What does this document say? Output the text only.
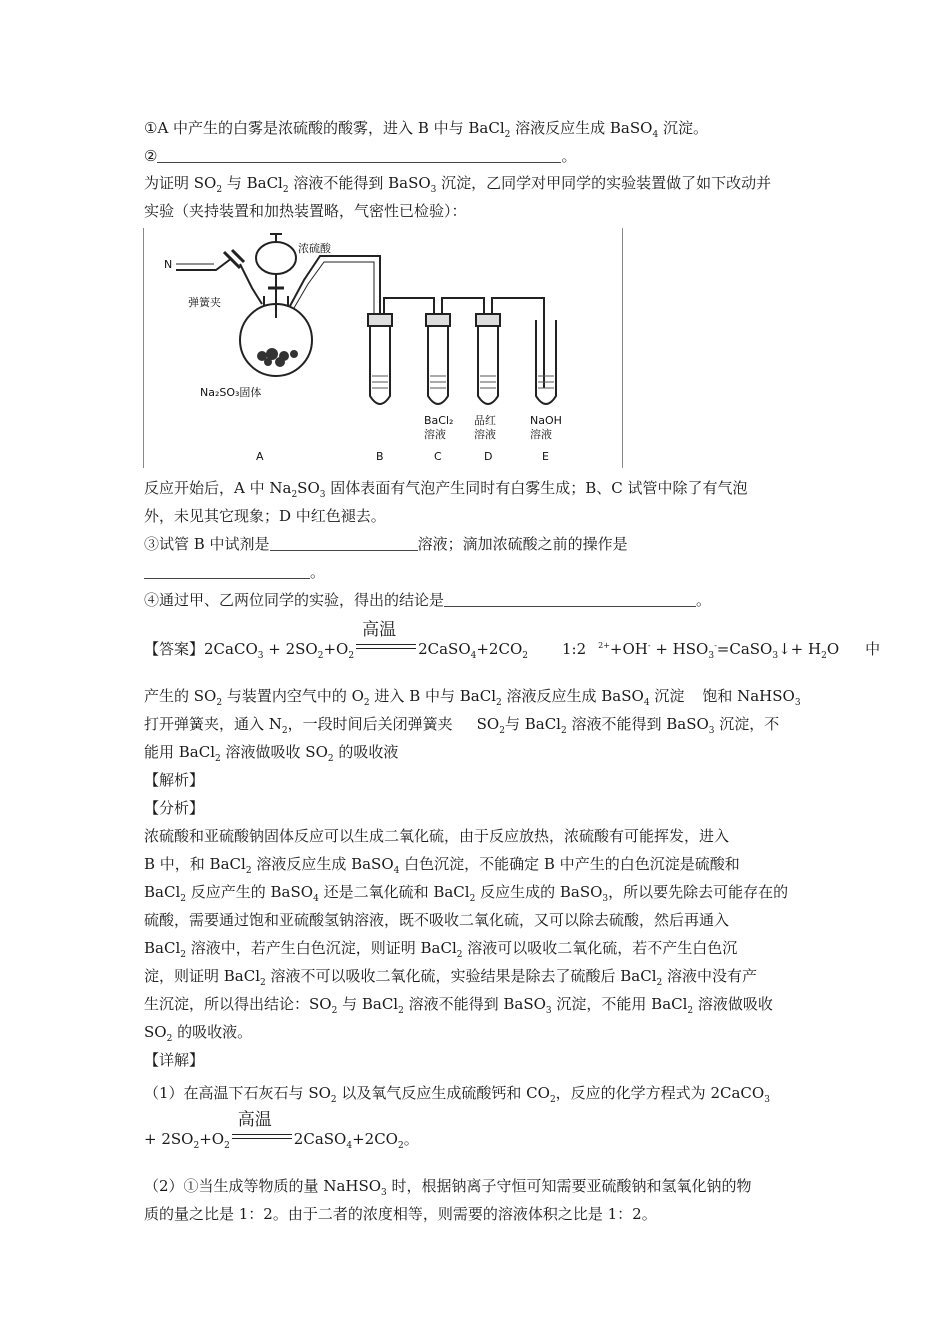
①A 中产生的白雾是浓硫酸的酸雾，进入 B 中与 BaCl$_2$ 溶液反应生成 BaSO$_4$ 沉淀。
②	。
为证明 $SO_2$ 与 BaCl$_2$ 溶液不能得到 BaSO$_3$ 沉淀，乙同学对甲同学的实验装置做了如下改动并
实验（夹持装置和加热装置略，气密性已检验）：
N
弹簧夹
浓硫酸
Na₂SO₃固体
BaCl₂
溶液
品红
溶液
NaOH
溶液
A	B	C	D	E
反应开始后，A 中 $Na_2SO_3$ 固体表面有气泡产生同时有白雾生成；B、C 试管中除了有气泡
外，未见其它现象；D 中红色褪去。
③试管 B 中试剂是	溶液；滴加浓硫酸之前的操作是
。
④通过甲、乙两位同学的实验，得出的结论是	。
【答案】2CaCO$_3$ + $2SO_2+O_2$
高温
$2CaSO_4+2CO_2$ 1:2 $^{2+}+OH^- + HSO_3^-=CaSO_3↓+ H_2O$ 中
产生的 $SO_2$ 与装置内空气中的 $O_2$ 进入 B 中与 BaCl$_2$ 溶液反应生成 BaSO$_4$ 沉淀 饱和 NaHSO$_3$
打开弹簧夹，通入 $N_2$，一段时间后关闭弹簧夹 $SO_2$与 BaCl$_2$ 溶液不能得到 BaSO$_3$ 沉淀，不
能用 BaCl$_2$ 溶液做吸收 $SO_2$ 的吸收液
【解析】
【分析】
浓硫酸和亚硫酸钠固体反应可以生成二氧化硫，由于反应放热，浓硫酸有可能挥发，进入
B 中，和 BaCl$_2$ 溶液反应生成 BaSO$_4$ 白色沉淀，不能确定 B 中产生的白色沉淀是硫酸和
BaCl$_2$ 反应产生的 BaSO$_4$ 还是二氧化硫和 BaCl$_2$ 反应生成的 BaSO$_3$，所以要先除去可能存在的
硫酸，需要通过饱和亚硫酸氢钠溶液，既不吸收二氧化硫，又可以除去硫酸，然后再通入
BaCl$_2$ 溶液中，若产生白色沉淀，则证明 BaCl$_2$ 溶液可以吸收二氧化硫，若不产生白色沉
淀，则证明 BaCl$_2$ 溶液不可以吸收二氧化硫，实验结果是除去了硫酸后 BaCl$_2$ 溶液中没有产
生沉淀，所以得出结论：$SO_2$ 与 BaCl$_2$ 溶液不能得到 BaSO$_3$ 沉淀，不能用 BaCl$_2$ 溶液做吸收
$SO_2$ 的吸收液。
【详解】
（1）在高温下石灰石与 $SO_2$ 以及氧气反应生成硫酸钙和 $CO_2$，反应的化学方程式为 2CaCO$_3$
+ $2SO_2+O_2$
高温
$2CaSO_4+2CO_2$。
（2）①当生成等物质的量 NaHSO$_3$ 时，根据钠离子守恒可知需要亚硫酸钠和氢氧化钠的物
质的量之比是 1：2。由于二者的浓度相等，则需要的溶液体积之比是 1：2。
